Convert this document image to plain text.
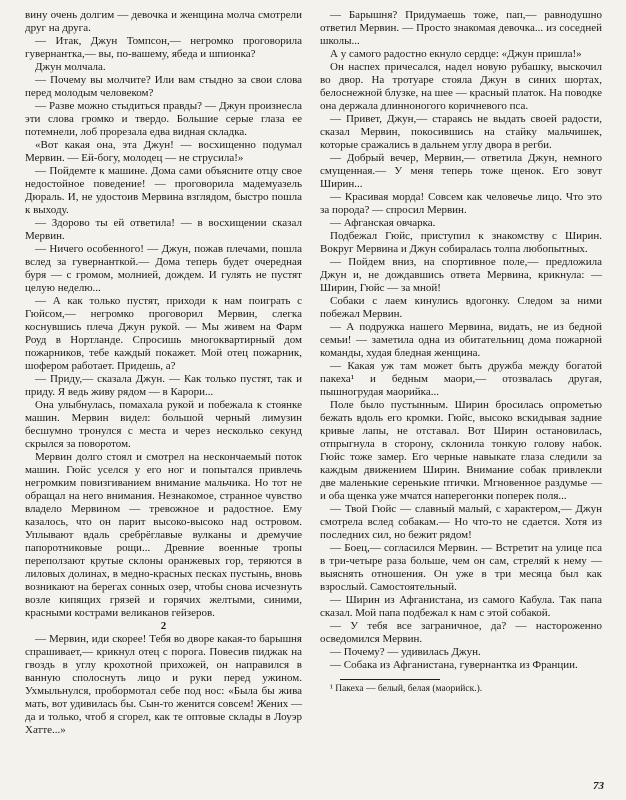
вину очень долгим — девочка и женщина молча смотрели друг на друга.

— Итак, Джун Томпсон,— негромко проговорила гувернантка,— вы, по-вашему, ябеда и шпионка?

Джун молчала.

— Почему вы молчите? Или вам стыдно за свои слова перед молодым человеком?

— Разве можно стыдиться правды? — Джун произнесла эти слова громко и твердо. Большие серые глаза ее потемнели, лоб прорезала едва видная складка.

«Вот какая она, эта Джун! — восхищенно подумал Мервин. — Ей-богу, молодец — не струсила!»

— Пойдемте к машине. Дома сами объясните отцу свое недостойное поведение! — проговорила мадемуазель Дюраль. И, не удостоив Мервина взглядом, быстро пошла к выходу.

— Здорово ты ей ответила! — в восхищении сказал Мервин.

— Ничего особенного! — Джун, пожав плечами, пошла вслед за гувернанткой.— Дома теперь будет очередная буря — с громом, молнией, дождем. И гулять не пустят целую неделю...

— А как только пустят, приходи к нам поиграть с Гюйсом,— негромко проговорил Мервин, слегка коснувшись плеча Джун рукой. — Мы живем на Фарм Роуд в Нортланде. Спросишь многоквартирный дом пожарников, тебе каждый покажет. Мой отец пожарник, шофером работает. Придешь, а?

— Приду,— сказала Джун. — Как только пустят, так и приду. Я ведь живу рядом — в Карори...

Она улыбнулась, помахала рукой и побежала к стоянке машин. Мервин видел: большой черный лимузин бесшумно тронулся с места и через несколько секунд скрылся за поворотом.

Мервин долго стоял и смотрел на нескончаемый поток машин. Гюйс уселся у его ног и попытался привлечь негромким повизгиванием внимание мальчика. Но тот не обращал на него внимания. Незнакомое, странное чувство владело Мервином — тревожное и радостное. Ему казалось, что он парит высоко-высоко над островом. Уплывают вдаль сребрёглавые вулканы и дремучие папоротниковые рощи... Древние военные тропы переползают крутые склоны оранжевых гор, теряются в лиловых долинах, в медно-красных песках пустынь, вновь возникают на берегах сонных озер, чтобы снова исчезнуть возле кипящих грязей и горячих желтыми, синими, красными кострами великанов гейзеров.

2

— Мервин, иди скорее! Тебя во дворе какая-то барышня спрашивает,— крикнул отец с порога. Повесив пиджак на гвоздь в углу крохотной прихожей, он направился в ванную сполоснуть лицо и руки перед ужином. Ухмыльнулся, пробормотал себе под нос: «Была бы жива мать, вот удивилась бы. Сын-то женится совсем! Жених — да и только, чтоб я сгорел, как те оптовые склады в Лоуэр Хатте...»

— Барышня? Придумаешь тоже, пап,— равнодушно ответил Мервин. — Просто знакомая девочка... из соседней школы...

А у самого радостно екнуло сердце: «Джун пришла!»

Он наспех причесался, надел новую рубашку, выскочил во двор. На тротуаре стояла Джун в синих шортах, белоснежной блузке, на шее — красный платок. На поводке она держала длинноногого коричневого пса.

— Привет, Джун,— стараясь не выдать своей радости, сказал Мервин, покосившись на стайку мальчишек, которые сражались в дальнем углу двора в регби.

— Добрый вечер, Мервин,— ответила Джун, немного смущенная.— У меня теперь тоже щенок. Его зовут Ширин...

— Красивая морда! Совсем как человечье лицо. Что это за порода? — спросил Мервин.

— Афганская овчарка.

Подбежал Гюйс, приступил к знакомству с Ширин. Вокруг Мервина и Джун собиралась толпа любопытных.

— Пойдем вниз, на спортивное поле,— предложила Джун и, не дождавшись ответа Мервина, крикнула: — Ширин, Гюйс — за мной!

Собаки с лаем кинулись вдогонку. Следом за ними побежал Мервин.

— А подружка нашего Мервина, видать, не из бедной семьи! — заметила одна из обитательниц дома пожарной команды, худая бледная женщина.

— Какая уж там может быть дружба между богатой пакеха¹ и бедным маори,— отозвалась другая, пышногрудая маорийка...

Поле было пустынным. Ширин бросилась опрометью бежать вдоль его кромки. Гюйс, высоко вскидывая задние кривые лапы, не отставал. Вот Ширин остановилась, отпрыгнула в сторону, склонила тонкую голову набок. Гюйс тоже замер. Его черные навыкате глаза следили за каждым движением Ширин. Внимание собак привлекли две маленькие серенькие птички. Мгновенное раздумье — и оба щенка уже мчатся наперегонки поперек поля...

— Твой Гюйс — славный малый, с характером,— Джун смотрела вслед собакам.— Но что-то не сдается. Хотя из последних сил, но бежит рядом!

— Боец,— согласился Мервин. — Встретит на улице пса в три-четыре раза больше, чем он сам, стреляй к нему — выяснять отношения. Он уже в три месяца был как взрослый. Самостоятельный.

— Ширин из Афганистана, из самого Кабула. Так папа сказал. Мой папа подбежал к нам с этой собакой.

— У тебя все заграничное, да? — настороженно осведомился Мервин.

— Почему? — удивилась Джун.

— Собака из Афганистана, гувернантка из Франции.

¹ Пакеха — белый, белая (маорийск.).

73
